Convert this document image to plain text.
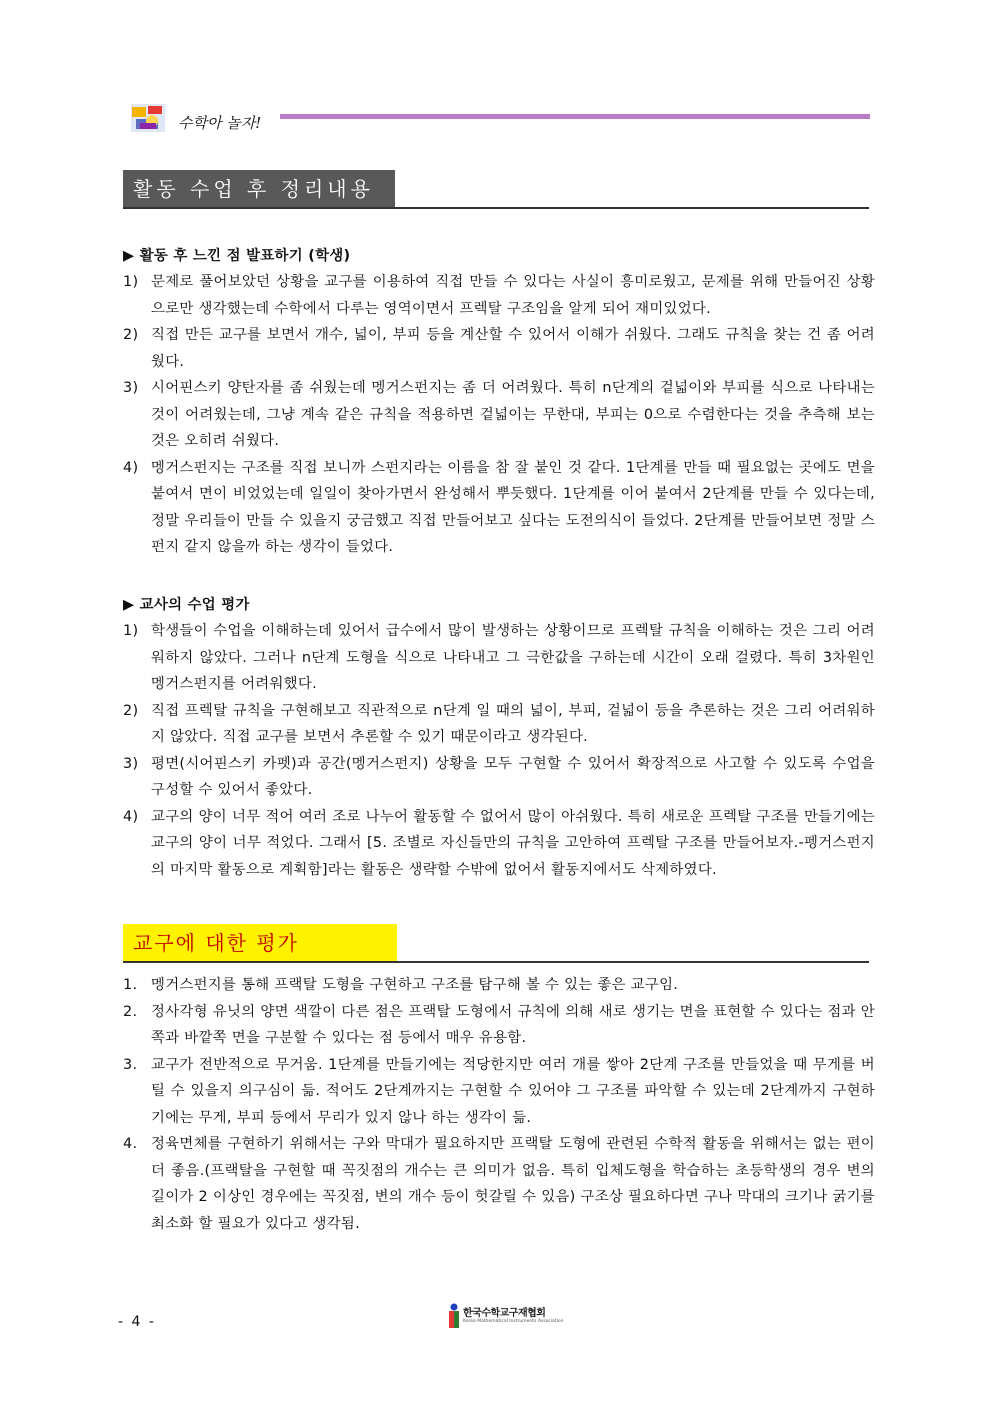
수학아 놀자!
활동 수업 후 정리내용
▶ 활동 후 느낀 점 발표하기 (학생)
1) 문제로 풀어보았던 상황을 교구를 이용하여 직접 만들 수 있다는 사실이 흥미로웠고, 문제를 위해 만들어진 상황으로만 생각했는데 수학에서 다루는 영역이면서 프렉탈 구조임을 알게 되어 재미있었다.
2) 직접 만든 교구를 보면서 개수, 넓이, 부피 등을 계산할 수 있어서 이해가 쉬웠다. 그래도 규칙을 찾는 건 좀 어려웠다.
3) 시어핀스키 양탄자를 좀 쉬웠는데 멩거스펀지는 좀 더 어려웠다. 특히 n단계의 겉넓이와 부피를 식으로 나타내는 것이 어려웠는데, 그냥 계속 같은 규칙을 적용하면 겉넓이는 무한대, 부피는 0으로 수렴한다는 것을 추측해 보는 것은 오히려 쉬웠다.
4) 멩거스펀지는 구조를 직접 보니까 스펀지라는 이름을 참 잘 붙인 것 같다. 1단계를 만들 때 필요없는 곳에도 면을 붙여서 면이 비었었는데 일일이 찾아가면서 완성해서 뿌듯했다. 1단계를 이어 붙여서 2단계를 만들 수 있다는데, 정말 우리들이 만들 수 있을지 궁금했고 직접 만들어보고 싶다는 도전의식이 들었다. 2단계를 만들어보면 정말 스펀지 같지 않을까 하는 생각이 들었다.
▶ 교사의 수업 평가
1) 학생들이 수업을 이해하는데 있어서 급수에서 많이 발생하는 상황이므로 프렉탈 규칙을 이해하는 것은 그리 어려워하지 않았다. 그러나 n단계 도형을 식으로 나타내고 그 극한값을 구하는데 시간이 오래 걸렸다. 특히 3차원인 멩거스펀지를 어려워했다.
2) 직접 프렉탈 규칙을 구현해보고 직관적으로 n단계 일 때의 넓이, 부피, 겉넓이 등을 추론하는 것은 그리 어려워하지 않았다. 직접 교구를 보면서 추론할 수 있기 때문이라고 생각된다.
3) 평면(시어핀스키 카펫)과 공간(멩거스펀지) 상황을 모두 구현할 수 있어서 확장적으로 사고할 수 있도록 수업을 구성할 수 있어서 좋았다.
4) 교구의 양이 너무 적어 여러 조로 나누어 활동할 수 없어서 많이 아쉬웠다. 특히 새로운 프렉탈 구조를 만들기에는 교구의 양이 너무 적었다. 그래서 [5. 조별로 자신들만의 규칙을 고안하여 프렉탈 구조를 만들어보자.-펭거스펀지의 마지막 활동으로 계획함]라는 활동은 생략할 수밖에 없어서 활동지에서도 삭제하였다.
교구에 대한 평가
1. 멩거스펀지를 통해 프랙탈 도형을 구현하고 구조를 탐구해 볼 수 있는 좋은 교구임.
2. 정사각형 유닛의 양면 색깔이 다른 점은 프랙탈 도형에서 규칙에 의해 새로 생기는 면을 표현할 수 있다는 점과 안쪽과 바깥쪽 면을 구분할 수 있다는 점 등에서 매우 유용함.
3. 교구가 전반적으로 무거움. 1단계를 만들기에는 적당한지만 여러 개를 쌓아 2단계 구조를 만들었을 때 무게를 버틸 수 있을지 의구심이 듦. 적어도 2단계까지는 구현할 수 있어야 그 구조를 파악할 수 있는데 2단계까지 구현하기에는 무게, 부피 등에서 무리가 있지 않나 하는 생각이 듦.
4. 정육면체를 구현하기 위해서는 구와 막대가 필요하지만 프랙탈 도형에 관련된 수학적 활동을 위해서는 없는 편이 더 좋음.(프랙탈을 구현할 때 꼭짓점의 개수는 큰 의미가 없음. 특히 입체도형을 학습하는 초등학생의 경우 변의 길이가 2 이상인 경우에는 꼭짓점, 변의 개수 등이 헛갈릴 수 있음) 구조상 필요하다면 구나 막대의 크기나 굵기를 최소화 할 필요가 있다고 생각됨.
- 4 -
한국수학교구재협회
Korea Mathematical Instruments Association
